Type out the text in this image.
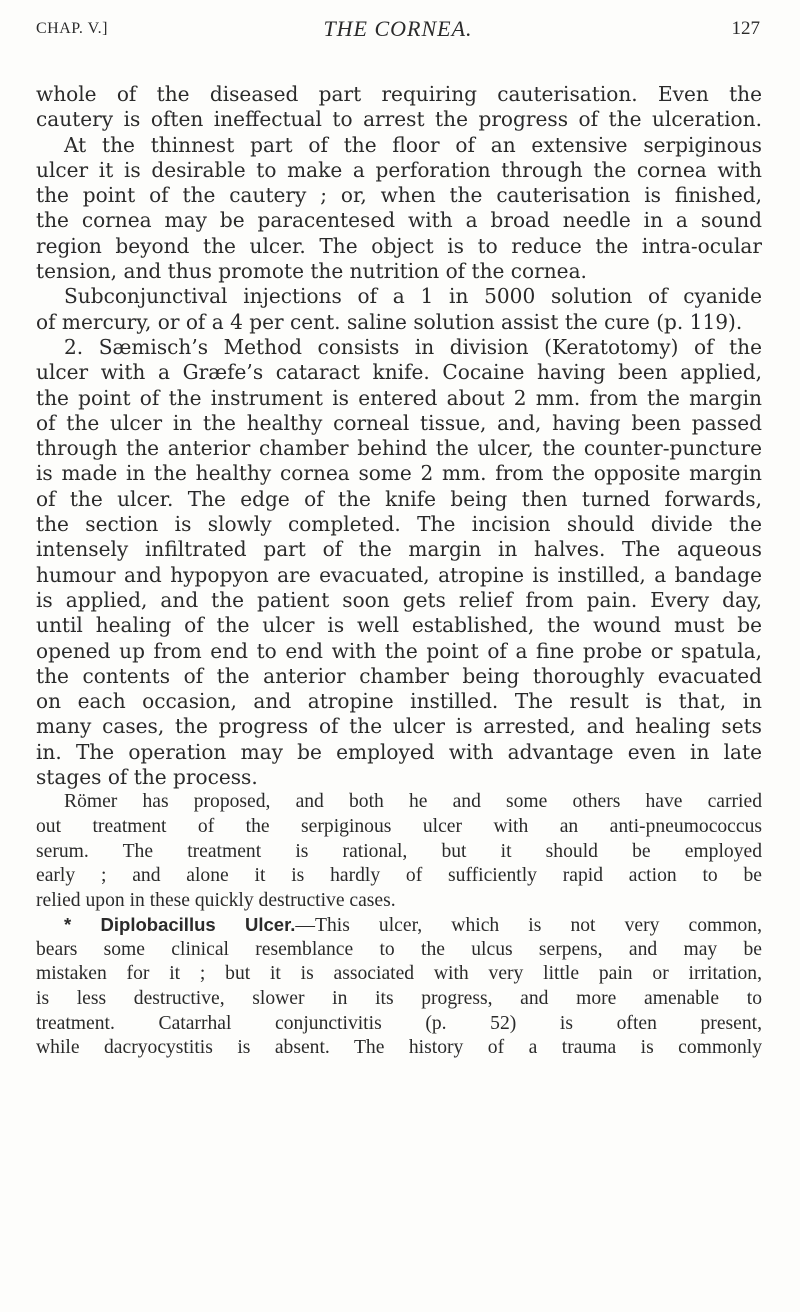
CHAP. V.]	THE CORNEA.	127
whole of the diseased part requiring cauterisation. Even the
cautery is often ineffectual to arrest the progress of the ulceration.
At the thinnest part of the floor of an extensive serpiginous
ulcer it is desirable to make a perforation through the cornea with
the point of the cautery ; or, when the cauterisation is finished,
the cornea may be paracentesed with a broad needle in a sound
region beyond the ulcer. The object is to reduce the intra-ocular
tension, and thus promote the nutrition of the cornea.
Subconjunctival injections of a 1 in 5000 solution of cyanide
of mercury, or of a 4 per cent. saline solution assist the cure (p. 119).
2. Sæmisch’s Method consists in division (Keratotomy) of the
ulcer with a Græfe’s cataract knife. Cocaine having been applied,
the point of the instrument is entered about 2 mm. from the margin
of the ulcer in the healthy corneal tissue, and, having been passed
through the anterior chamber behind the ulcer, the counter-puncture
is made in the healthy cornea some 2 mm. from the opposite margin
of the ulcer. The edge of the knife being then turned forwards,
the section is slowly completed. The incision should divide the
intensely infiltrated part of the margin in halves. The aqueous
humour and hypopyon are evacuated, atropine is instilled, a bandage
is applied, and the patient soon gets relief from pain. Every day,
until healing of the ulcer is well established, the wound must be
opened up from end to end with the point of a fine probe or spatula,
the contents of the anterior chamber being thoroughly evacuated
on each occasion, and atropine instilled. The result is that, in
many cases, the progress of the ulcer is arrested, and healing sets
in. The operation may be employed with advantage even in late
stages of the process.
Römer has proposed, and both he and some others have carried
out treatment of the serpiginous ulcer with an anti-pneumococcus
serum. The treatment is rational, but it should be employed
early ; and alone it is hardly of sufficiently rapid action to be
relied upon in these quickly destructive cases.
* Diplobacillus Ulcer.—This ulcer, which is not very common,
bears some clinical resemblance to the ulcus serpens, and may be
mistaken for it ; but it is associated with very little pain or irritation,
is less destructive, slower in its progress, and more amenable to
treatment. Catarrhal conjunctivitis (p. 52) is often present,
while dacryocystitis is absent. The history of a trauma is commonly
